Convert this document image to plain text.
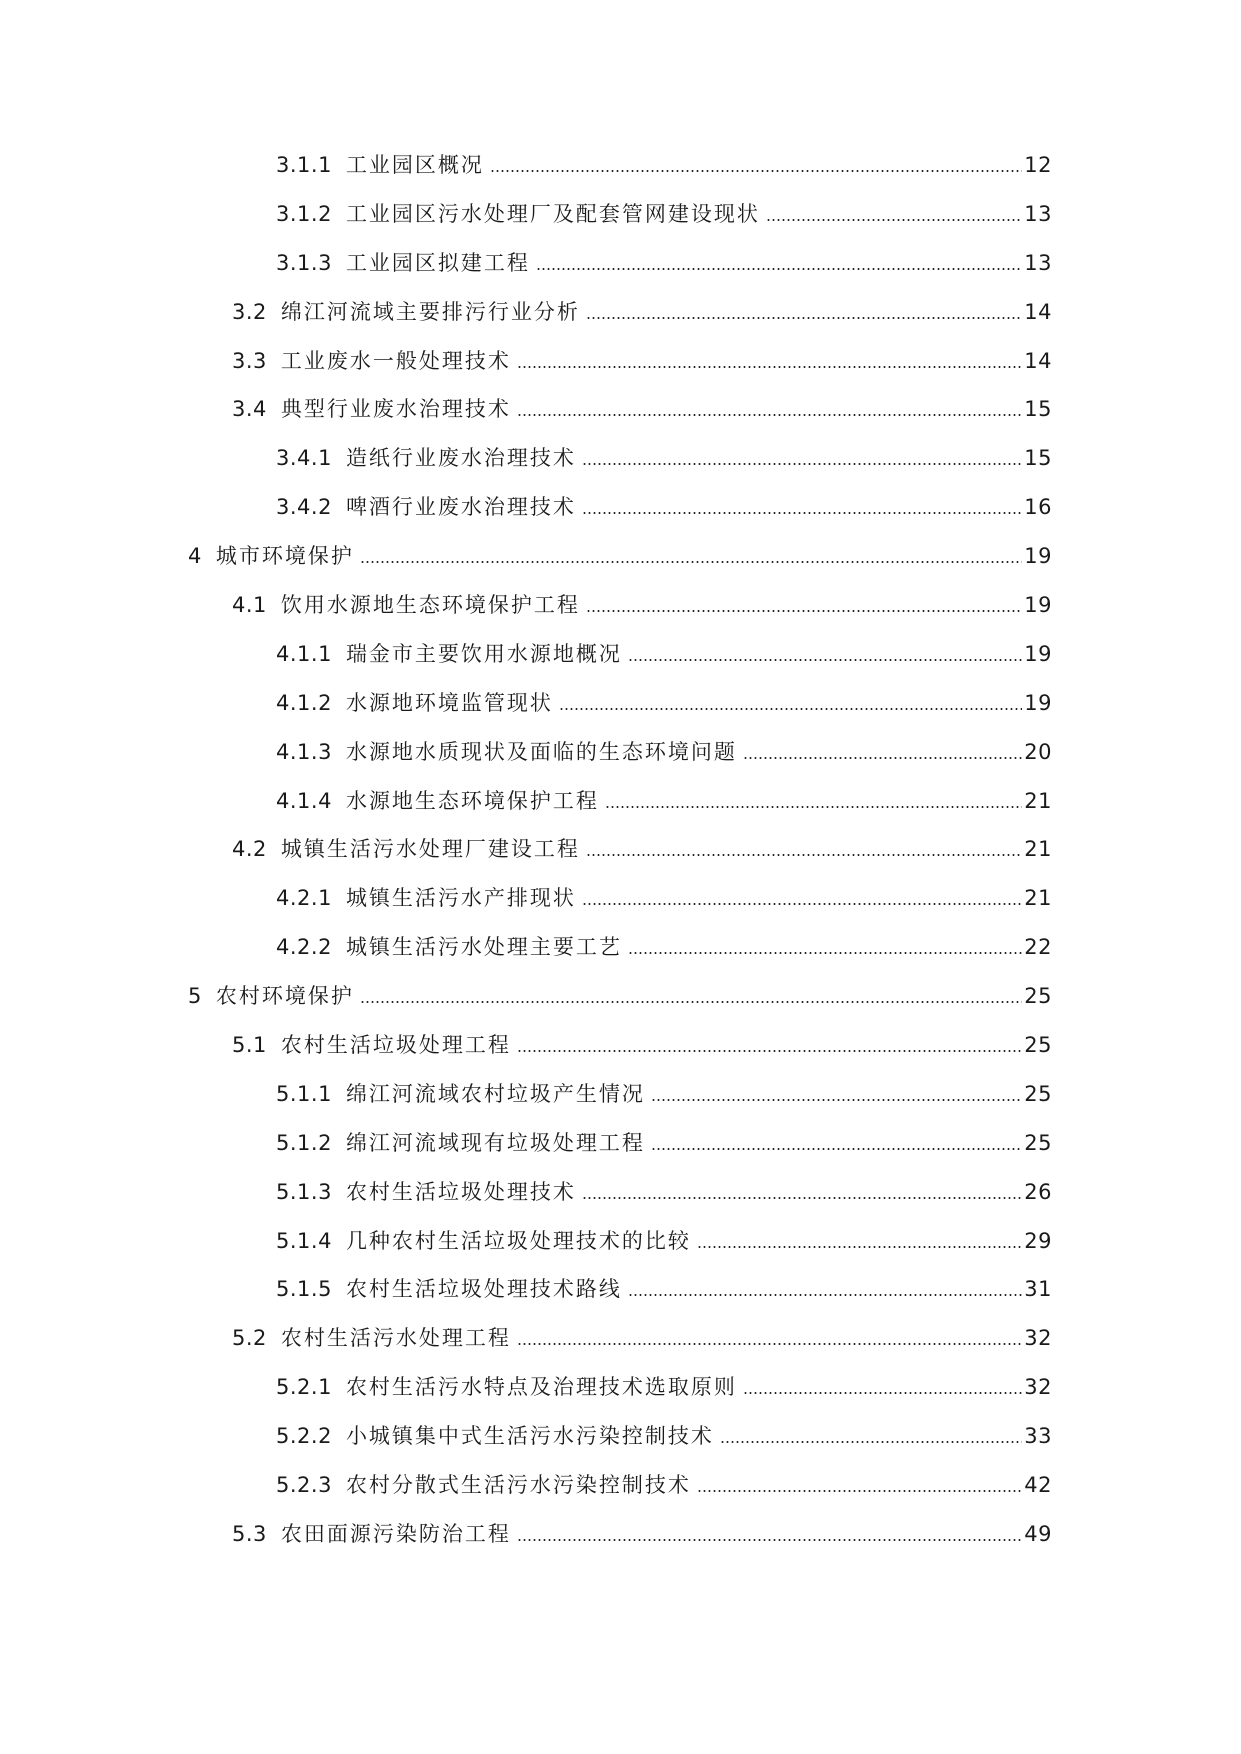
3.1.1 工业园区概况	12
3.1.2 工业园区污水处理厂及配套管网建设现状	13
3.1.3 工业园区拟建工程	13
3.2 绵江河流域主要排污行业分析	14
3.3 工业废水一般处理技术	14
3.4 典型行业废水治理技术	15
3.4.1 造纸行业废水治理技术	15
3.4.2 啤酒行业废水治理技术	16
4 城市环境保护	19
4.1 饮用水源地生态环境保护工程	19
4.1.1 瑞金市主要饮用水源地概况	19
4.1.2 水源地环境监管现状	19
4.1.3 水源地水质现状及面临的生态环境问题	20
4.1.4 水源地生态环境保护工程	21
4.2 城镇生活污水处理厂建设工程	21
4.2.1 城镇生活污水产排现状	21
4.2.2 城镇生活污水处理主要工艺	22
5 农村环境保护	25
5.1 农村生活垃圾处理工程	25
5.1.1 绵江河流域农村垃圾产生情况	25
5.1.2 绵江河流域现有垃圾处理工程	25
5.1.3 农村生活垃圾处理技术	26
5.1.4 几种农村生活垃圾处理技术的比较	29
5.1.5 农村生活垃圾处理技术路线	31
5.2 农村生活污水处理工程	32
5.2.1 农村生活污水特点及治理技术选取原则	32
5.2.2 小城镇集中式生活污水污染控制技术	33
5.2.3 农村分散式生活污水污染控制技术	42
5.3 农田面源污染防治工程	49
